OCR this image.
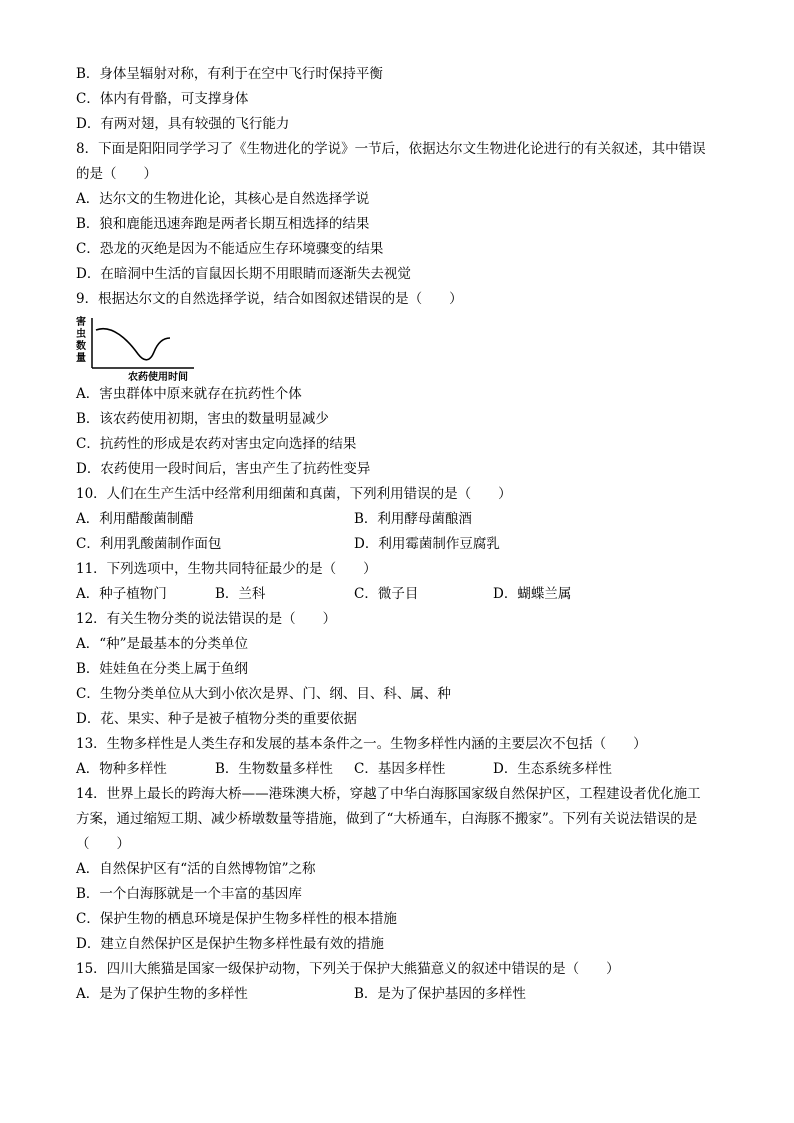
B．身体呈辐射对称，有利于在空中飞行时保持平衡
C．体内有骨骼，可支撑身体
D．有两对翅，具有较强的飞行能力
8．下面是阳阳同学学习了《生物进化的学说》一节后，依据达尔文生物进化论进行的有关叙述，其中错误
的是（　　）
A．达尔文的生物进化论，其核心是自然选择学说
B．狼和鹿能迅速奔跑是两者长期互相选择的结果
C．恐龙的灭绝是因为不能适应生存环境骤变的结果
D．在暗洞中生活的盲鼠因长期不用眼睛而逐渐失去视觉
9．根据达尔文的自然选择学说，结合如图叙述错误的是（　　）
害
虫
数
量
农药使用时间
A．害虫群体中原来就存在抗药性个体
B．该农药使用初期，害虫的数量明显减少
C．抗药性的形成是农药对害虫定向选择的结果
D．农药使用一段时间后，害虫产生了抗药性变异
10．人们在生产生活中经常利用细菌和真菌，下列利用错误的是（　　）
A．利用醋酸菌制醋	B．利用酵母菌酿酒
C．利用乳酸菌制作面包	D．利用霉菌制作豆腐乳
11．下列选项中，生物共同特征最少的是（　　）
A．种子植物门	B．兰科	C．微子目	D．蝴蝶兰属
12．有关生物分类的说法错误的是（　　）
A．“种”是最基本的分类单位
B．娃娃鱼在分类上属于鱼纲
C．生物分类单位从大到小依次是界、门、纲、目、科、属、种
D．花、果实、种子是被子植物分类的重要依据
13．生物多样性是人类生存和发展的基本条件之一。生物多样性内涵的主要层次不包括（　　）
A．物种多样性	B．生物数量多样性	C．基因多样性	D．生态系统多样性
14．世界上最长的跨海大桥——港珠澳大桥，穿越了中华白海豚国家级自然保护区，工程建设者优化施工
方案，通过缩短工期、减少桥墩数量等措施，做到了“大桥通车，白海豚不搬家”。下列有关说法错误的是
（　　）
A．自然保护区有“活的自然博物馆”之称
B．一个白海豚就是一个丰富的基因库
C．保护生物的栖息环境是保护生物多样性的根本措施
D．建立自然保护区是保护生物多样性最有效的措施
15．四川大熊猫是国家一级保护动物，下列关于保护大熊猫意义的叙述中错误的是（　　）
A．是为了保护生物的多样性	B．是为了保护基因的多样性
